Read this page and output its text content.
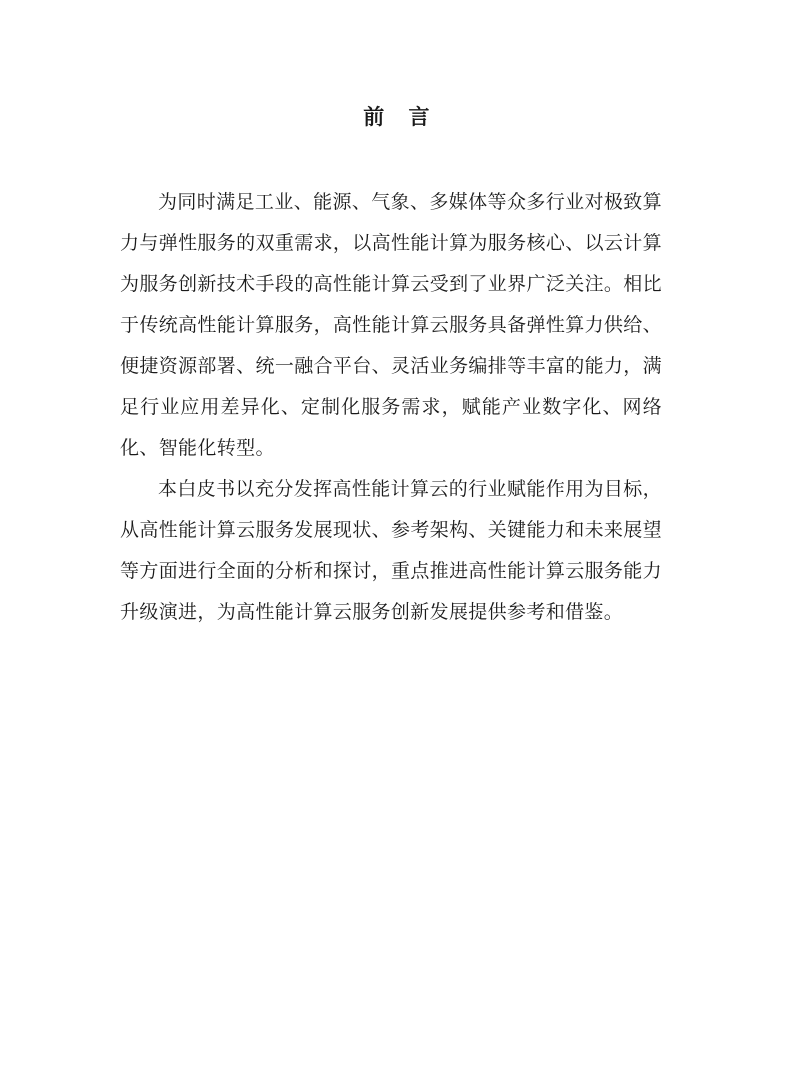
前 言

为同时满足工业、能源、气象、多媒体等众多行业对极致算力与弹性服务的双重需求，以高性能计算为服务核心、以云计算为服务创新技术手段的高性能计算云受到了业界广泛关注。相比于传统高性能计算服务，高性能计算云服务具备弹性算力供给、便捷资源部署、统一融合平台、灵活业务编排等丰富的能力，满足行业应用差异化、定制化服务需求，赋能产业数字化、网络化、智能化转型。

本白皮书以充分发挥高性能计算云的行业赋能作用为目标，从高性能计算云服务发展现状、参考架构、关键能力和未来展望等方面进行全面的分析和探讨，重点推进高性能计算云服务能力升级演进，为高性能计算云服务创新发展提供参考和借鉴。
